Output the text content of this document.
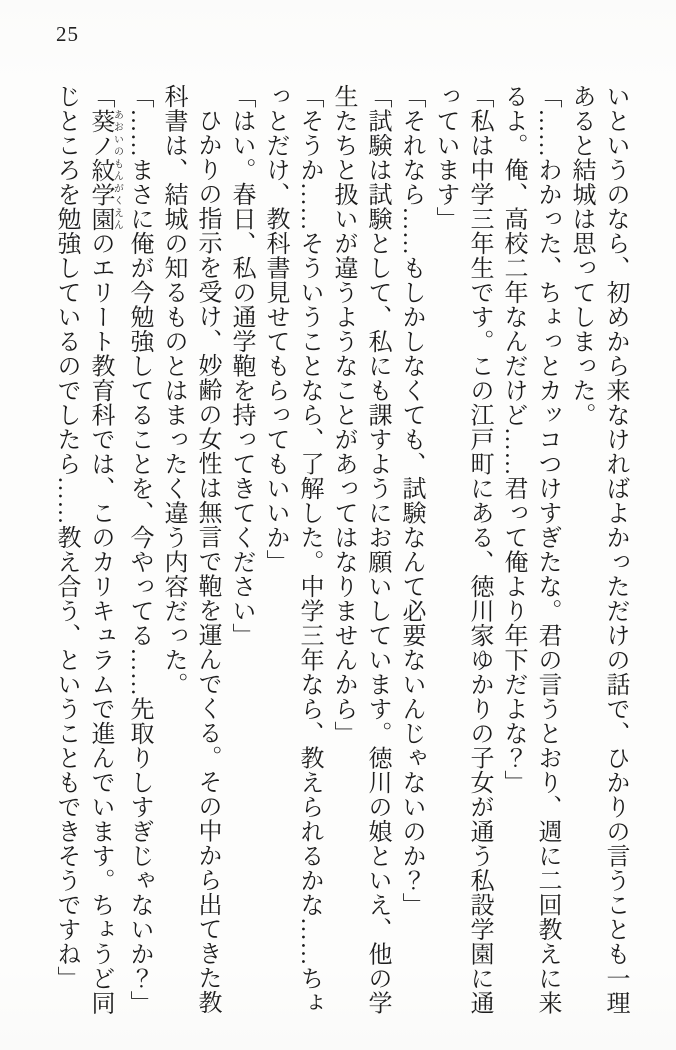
25

いというのなら、初めから来なければよかっただけの話で、ひかりの言うことも一理

あると結城は思ってしまった。

「……わかった、ちょっとカッコつけすぎたな。君の言うとおり、週に二回教えに来

るよ。俺、高校二年なんだけど……君って俺より年下だよな？」

「私は中学三年生です。この江戸町にある、徳川家ゆかりの子女が通う私設学園に通

っています」

「それなら……もしかしなくても、試験なんて必要ないんじゃないのか？」

「試験は試験として、私にも課すようにお願いしています。徳川の娘といえ、他の学

生たちと扱いが違うようなことがあってはなりませんから」

「そうか……そういうことなら、了解した。中学三年なら、教えられるかな……ちょ

っとだけ、教科書見せてもらってもいいか」

「はい。春日、私の通学鞄を持ってきてください」

ひかりの指示を受け、妙齢の女性は無言で鞄を運んでくる。その中から出てきた教

科書は、結城の知るものとはまったく違う内容だった。

「……まさに俺が今勉強してることを、今やってる……先取りしすぎじゃないか？」

「葵ノ紋学園あおいのもんがくえんのエリート教育科では、このカリキュラムで進んでいます。ちょうど同

じところを勉強しているのでしたら……教え合う、ということもできそうですね」
